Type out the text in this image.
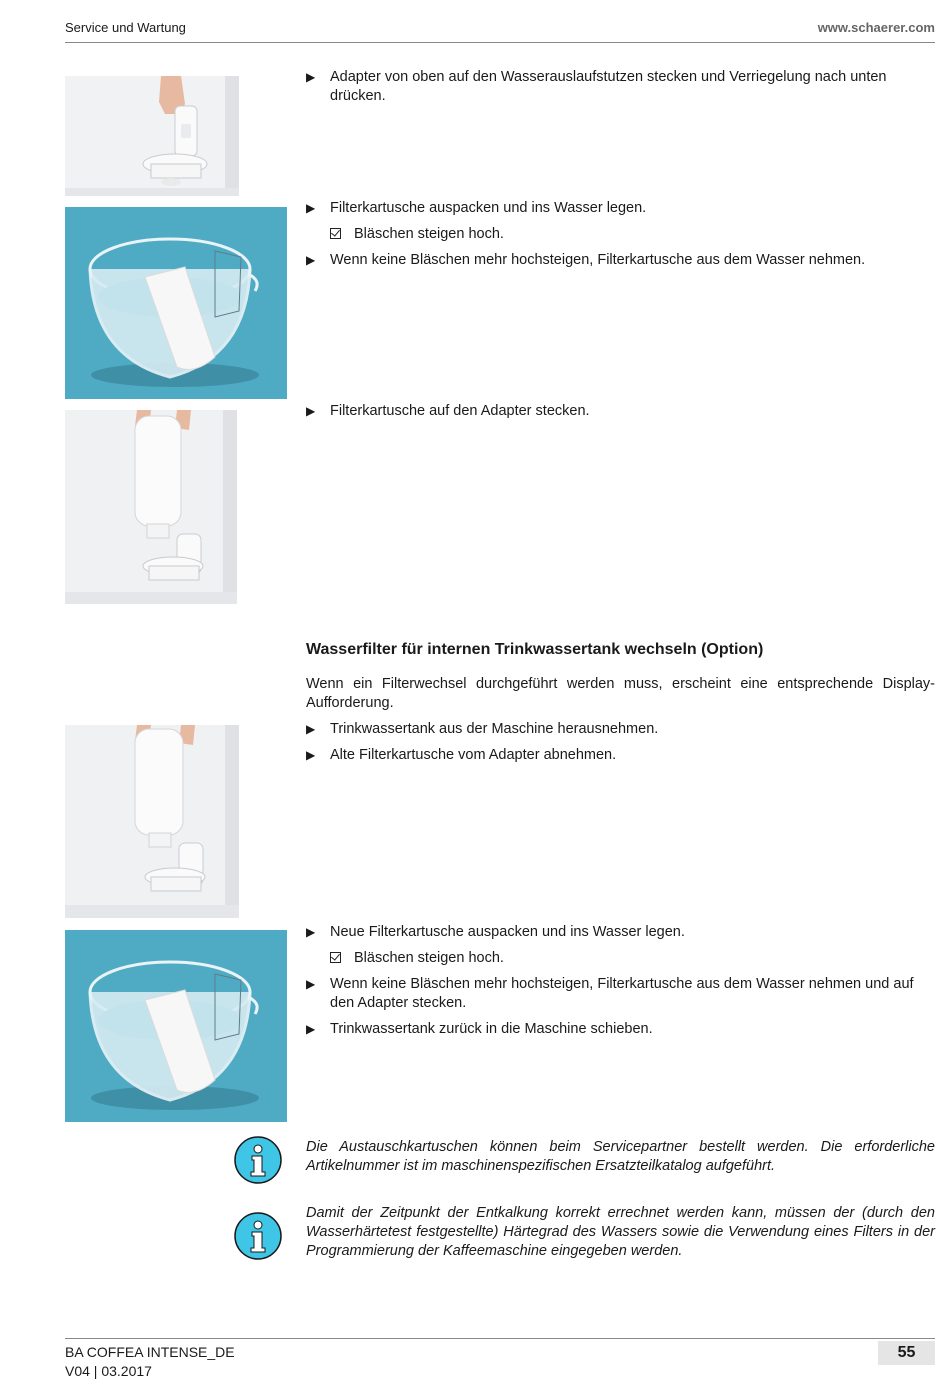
Service und Wartung	www.schaerer.com
▶ Adapter von oben auf den Wasserauslaufstutzen stecken und Verriegelung nach unten drücken.
▶ Filterkartusche auspacken und ins Wasser legen.
Bläschen steigen hoch.
▶ Wenn keine Bläschen mehr hochsteigen, Filterkartusche aus dem Wasser nehmen.
▶ Filterkartusche auf den Adapter stecken.
Wasserfilter für internen Trinkwassertank wechseln (Option)

Wenn ein Filterwechsel durchgeführt werden muss, erscheint eine entsprechende Display-Aufforderung.

▶ Trinkwassertank aus der Maschine herausnehmen.
▶ Alte Filterkartusche vom Adapter abnehmen.
▶ Neue Filterkartusche auspacken und ins Wasser legen.
Bläschen steigen hoch.
▶ Wenn keine Bläschen mehr hochsteigen, Filterkartusche aus dem Wasser nehmen und auf den Adapter stecken.
▶ Trinkwassertank zurück in die Maschine schieben.
Die Austauschkartuschen können beim Servicepartner bestellt werden. Die erforderliche Artikelnummer ist im maschinenspezifischen Ersatzteilkatalog aufgeführt.
Damit der Zeitpunkt der Entkalkung korrekt errechnet werden kann, müssen der (durch den Wasserhärtetest festgestellte) Härtegrad des Wassers sowie die Verwendung eines Filters in der Programmierung der Kaffeemaschine eingegeben werden.
BA COFFEA INTENSE_DE
V04 | 03.2017
55
